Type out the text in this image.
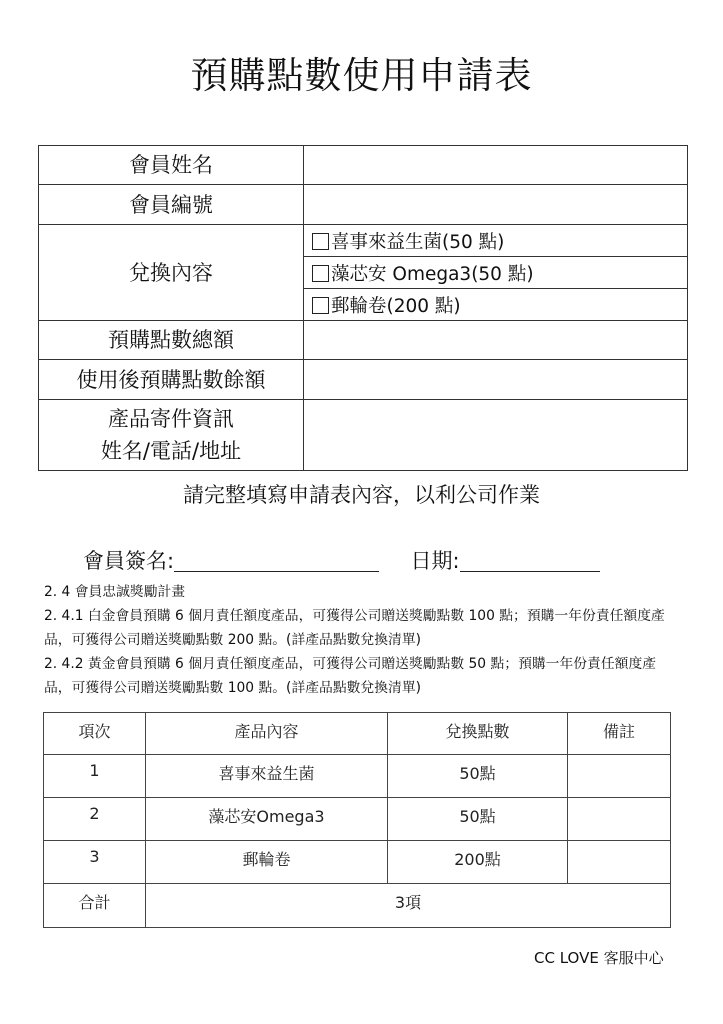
預購點數使用申請表
會員姓名	
會員編號	
兌換內容	喜事來益生菌(50 點)
	藻芯安 Omega3(50 點)
	郵輪卷(200 點)
預購點數總額	
使用後預購點數餘額	

產品寄件資訊
姓名/電話/地址	

請完整填寫申請表內容，以利公司作業
會員簽名:	日期:

2. 4 會員忠誠獎勵計畫

2. 4.1 白金會員預購 6 個月責任額度產品，可獲得公司贈送獎勵點數 100 點；預購一年份責任額度產品，可獲得公司贈送獎勵點數 200 點。(詳產品點數兌換清單)

2. 4.2 黃金會員預購 6 個月責任額度產品，可獲得公司贈送獎勵點數 50 點；預購一年份責任額度產品，可獲得公司贈送獎勵點數 100 點。(詳產品點數兌換清單)

項次	產品內容	兌換點數	備註
1	喜事來益生菌	50點	
2	藻芯安Omega3	50點	
3	郵輪卷	200點	
合計	3項		
CC LOVE 客服中心
